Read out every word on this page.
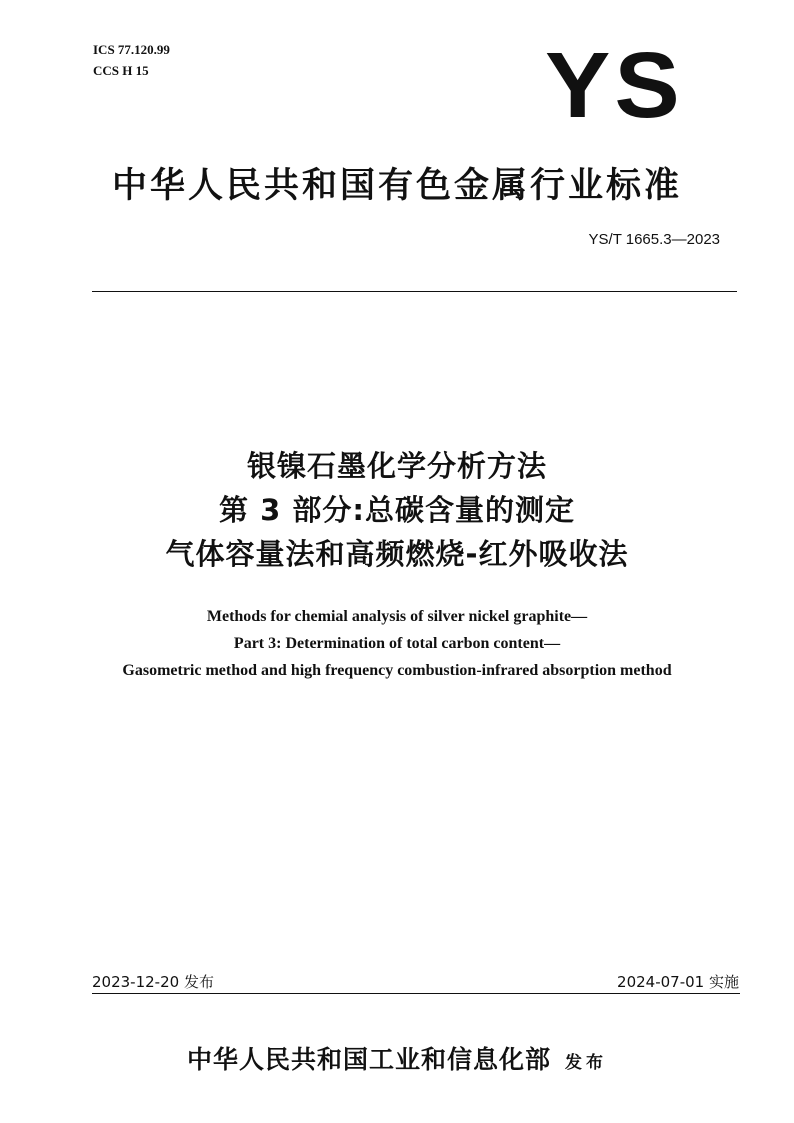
ICS 77.120.99
CCS H 15	YS
中华人民共和国有色金属行业标准
YS/T 1665.3—2023
银镍石墨化学分析方法
第 3 部分:总碳含量的测定
气体容量法和高频燃烧-红外吸收法
Methods for chemial analysis of silver nickel graphite—
Part 3: Determination of total carbon content—
Gasometric method and high frequency combustion-infrared absorption method
2023-12-20 发布	2024-07-01 实施
中华人民共和国工业和信息化部 发布
